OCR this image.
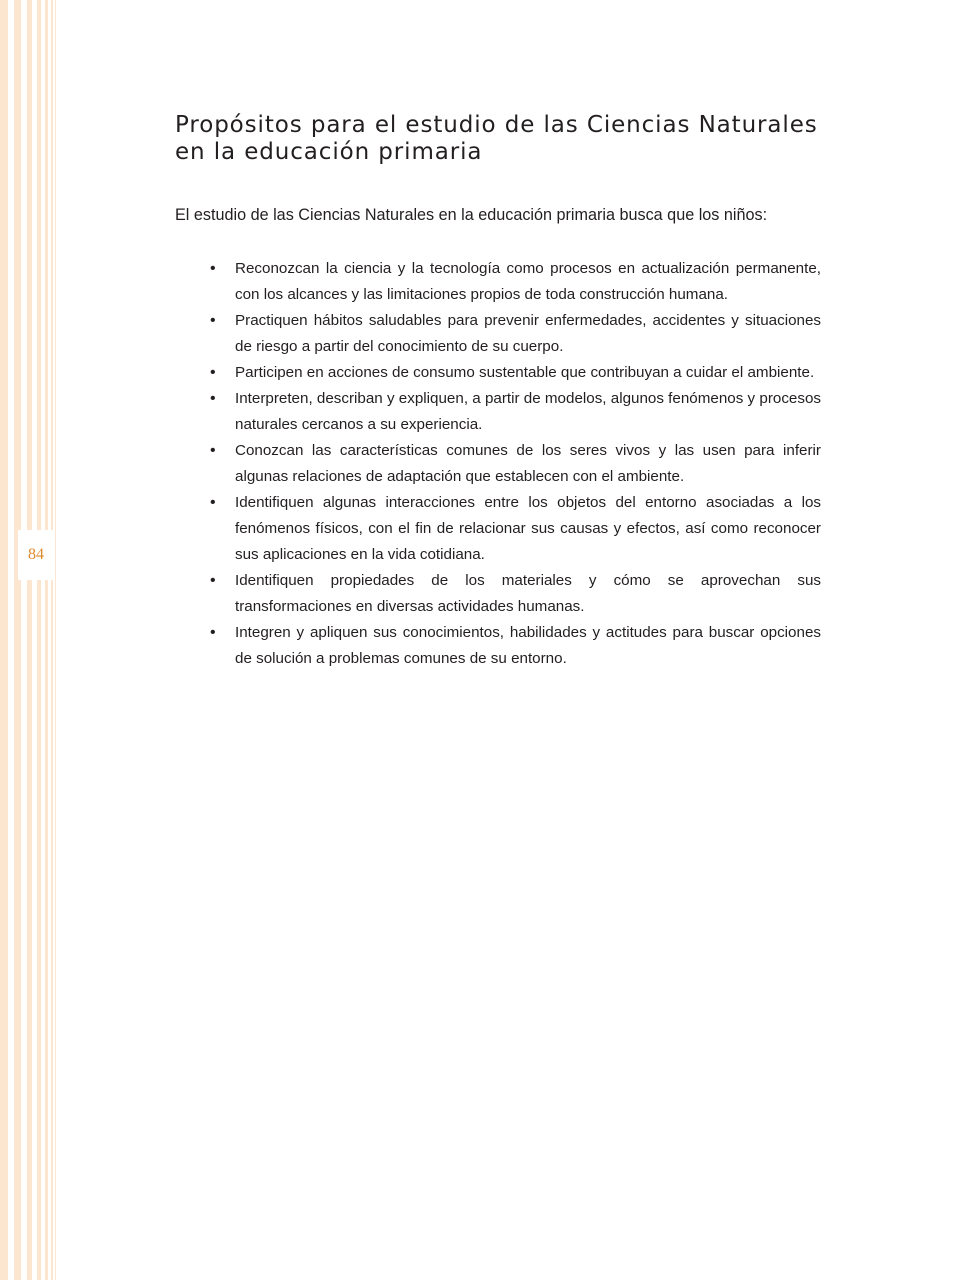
84
Propósitos para el estudio de las Ciencias Naturales
en la educación primaria

El estudio de las Ciencias Naturales en la educación primaria busca que los niños:

• Reconozcan la ciencia y la tecnología como procesos en actualización permanente, con los alcances y las limitaciones propios de toda construcción humana.
• Practiquen hábitos saludables para prevenir enfermedades, accidentes y situaciones de riesgo a partir del conocimiento de su cuerpo.
• Participen en acciones de consumo sustentable que contribuyan a cuidar el ambiente.
• Interpreten, describan y expliquen, a partir de modelos, algunos fenómenos y procesos naturales cercanos a su experiencia.
• Conozcan las características comunes de los seres vivos y las usen para inferir algunas relaciones de adaptación que establecen con el ambiente.
• Identifiquen algunas interacciones entre los objetos del entorno asociadas a los fenómenos físicos, con el fin de relacionar sus causas y efectos, así como reconocer sus aplicaciones en la vida cotidiana.
• Identifiquen propiedades de los materiales y cómo se aprovechan sus transformaciones en diversas actividades humanas.
• Integren y apliquen sus conocimientos, habilidades y actitudes para buscar opciones de solución a problemas comunes de su entorno.
